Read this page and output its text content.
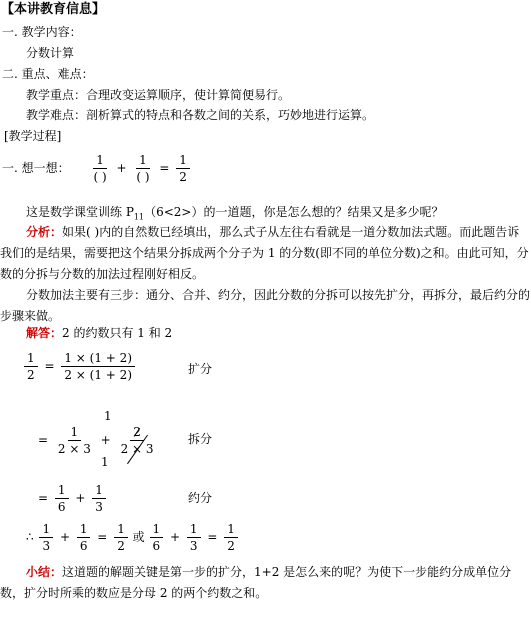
【本讲教育信息】
一. 教学内容：
分数计算
二. 重点、难点：
教学重点：合理改变运算顺序，使计算简便易行。
教学难点：剖析算式的特点和各数之间的关系，巧妙地进行运算。
[教学过程]
一. 想一想： $\frac{1}{( )} + \frac{1}{( )} = \frac{1}{2}$
这是数学课堂训练 $P_{11}(6<2>)$的一道题，你是怎么想的？结果又是多少呢？
分析：如果( )内的自然数已经填出，那么式子从左往右看就是一道分数加法式题。而此题告诉我们的是结果，需要把这个结果分拆成两个分子为 1 的分数(即不同的单位分数)之和。由此可知，分数的分拆与分数的加法过程刚好相反。
分数加法主要有三步：通分、合并、约分，因此分数的分拆可以按先扩分，再拆分，最后约分的步骤来做。
解答：2 的约数只有 1 和 2
$\frac{1}{2} = \frac{1 \times (1 + 2)}{2 \times (1 + 2)}$	扩分
1
= $\frac{1}{2 \times 3} + \frac{2}{2 \times 3}$
1
拆分
= $\frac{1}{6} + \frac{1}{3}$	约分
∴ $\frac{1}{3} + \frac{1}{6} = \frac{1}{2}$ 或 $\frac{1}{6} + \frac{1}{3} = \frac{1}{2}$
小结：这道题的解题关键是第一步的扩分，1+2 是怎么来的呢？为使下一步能约分成单位分数，扩分时所乘的数应是分母 2 的两个约数之和。
